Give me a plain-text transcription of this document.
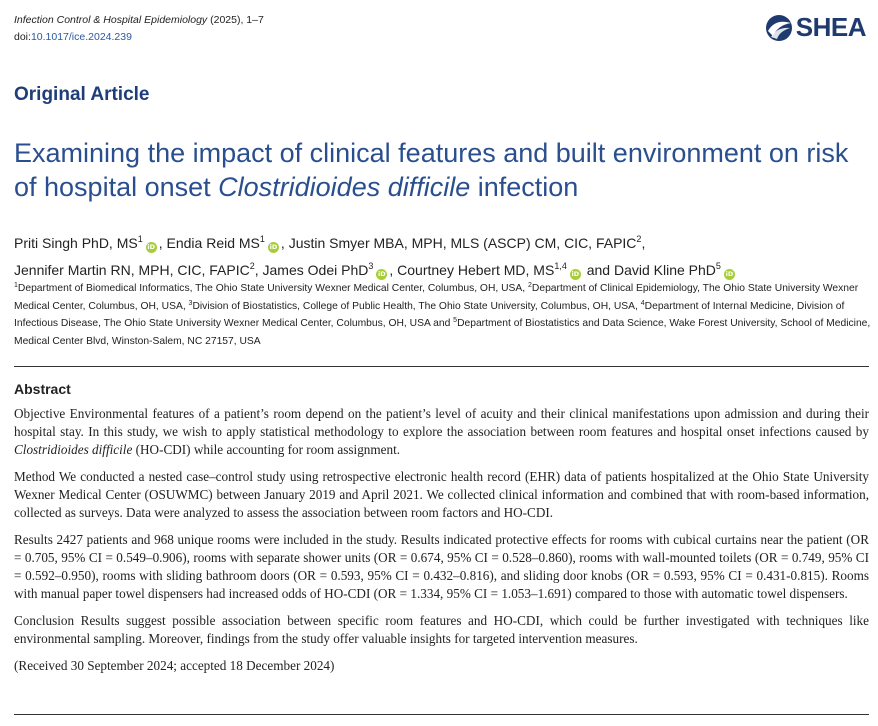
Infection Control & Hospital Epidemiology (2025), 1–7
doi:10.1017/ice.2024.239	SHEA
Original Article
Examining the impact of clinical features and built environment on risk of hospital onset Clostridioides difficile infection
Priti Singh PhD, $MS^1iD$ , Endia Reid $MS^1iD$ , Justin Smyer MBA, MPH, MLS (ASCP) CM, CIC, FAPIC$^2$,
Jennifer Martin RN, MPH, CIC, FAPIC$^2$, James Odei PhD$^3$iD , Courtney Hebert MD, MS$^{1,4}$iD and David Kline PhD$^5$iD
$^1$Department of Biomedical Informatics, The Ohio State University Wexner Medical Center, Columbus, OH, USA, $^2$Department of Clinical Epidemiology, The Ohio State University Wexner Medical Center, Columbus, OH, USA, $^3$Division of Biostatistics, College of Public Health, The Ohio State University, Columbus, OH, USA, $^4$Department of Internal Medicine, Division of Infectious Disease, The Ohio State University Wexner Medical Center, Columbus, OH, USA and $^5$Department of Biostatistics and Data Science, Wake Forest University, School of Medicine, Medical Center Blvd, Winston-Salem, NC 27157, USA
Abstract

Objective Environmental features of a patient’s room depend on the patient’s level of acuity and their clinical manifestations upon admission and during their hospital stay. In this study, we wish to apply statistical methodology to explore the association between room features and hospital onset infections caused by Clostridioides difficile (HO-CDI) while accounting for room assignment.

Method We conducted a nested case–control study using retrospective electronic health record (EHR) data of patients hospitalized at the Ohio State University Wexner Medical Center (OSUWMC) between January 2019 and April 2021. We collected clinical information and combined that with room-based information, collected as surveys. Data were analyzed to assess the association between room factors and HO-CDI.

Results 2427 patients and 968 unique rooms were included in the study. Results indicated protective effects for rooms with cubical curtains near the patient (OR = 0.705, 95% CI = 0.549–0.906), rooms with separate shower units (OR = 0.674, 95% CI = 0.528–0.860), rooms with wall-mounted toilets (OR = 0.749, 95% CI = 0.592–0.950), rooms with sliding bathroom doors (OR = 0.593, 95% CI = 0.432–0.816), and sliding door knobs (OR = 0.593, 95% CI = 0.431-0.815). Rooms with manual paper towel dispensers had increased odds of HO-CDI (OR = 1.334, 95% CI = 1.053–1.691) compared to those with automatic towel dispensers.

Conclusion Results suggest possible association between specific room features and HO-CDI, which could be further investigated with techniques like environmental sampling. Moreover, findings from the study offer valuable insights for targeted intervention measures.

(Received 30 September 2024; accepted 18 December 2024)
